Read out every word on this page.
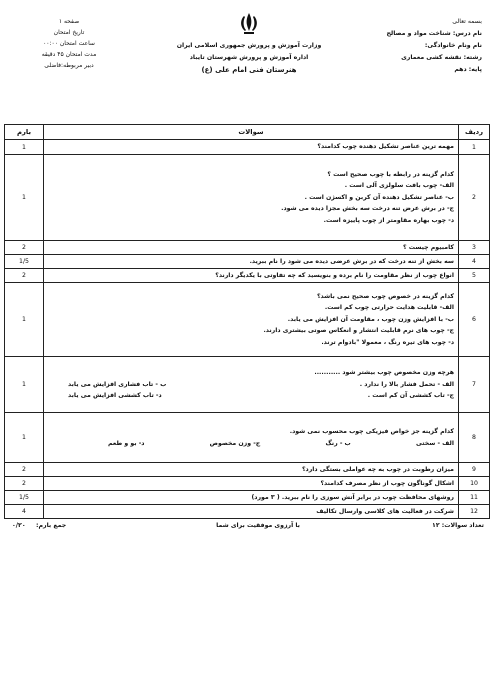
بسمه تعالی
نام درس: شناخت مواد و مصالح
نام ونام خانوادگی:
رشته: نقشه کشی معماری
پایه: دهم
وزارت آموزش و پرورش جمهوری اسلامی ایران
اداره آموزش و پرورش شهرستان تایباد
هنرستان فنی امام علی (ع)
صفحه ۱
تاریخ امتحان
ساعت امتحان ۰۰:۰۰
مدت امتحان ۴۵ دقیقه
دبیر مربوطه:فاضلی
ردیف	سوالات	بارم
1	مهمه ترین عناصر تشکیل دهنده چوب کدامند؟	1
2	کدام گزینه در رابطه با چوب صحیح است ؟
الف- چوب بافت سلولزی آلی است .
ب- عناصر تشکیل دهنده آن کربن و اکسژن است .
ج- در برش عرض تنه درخت سه بخش مجزا دیده می شود.
د- چوب بهاره مقاومتر از چوب پاییزه است.	1
3	کامبیوم چیست ؟	2
4	سه بخش از تنه درخت که در برش عرضی دیده می شود را نام ببرید.	1/5
5	انواع چوب از نظر مقاومت را نام برده و بنویسید که چه تفاوتی با یکدیگر دارند؟	2
6	کدام گزینه در خصوص چوب صحیح نمی باشد؟
الف- قابلیت هدایت حرارتی چوب کم است.
ب- با افزایش وزن چوب ، مقاومت آن افزایش می یابد.
ج- چوب های نرم قابلیت انتشار و انعکاس صوتی بیشتری دارند.
د- چوب های تیره رنگ ، معمولا "بادوام ترند.	1
7	هرچه وزن مخصوص چوب بیشتر شود ...........
الف - تحمل فشار بالا را ندارد .
ب - تاب فشاری افزایش می یابد
ج- تاب کششی آن کم است .
د- تاب کششی افزایش می یابد	1
8	کدام گزینه جز خواص فیزیکی چوب محسوب نمی شود.
الف - سختی
ب - رنگ
ج- وزن مخصوص
د- بو و طعم	1
9	میزان رطوبت در چوب به چه عواملی بستگی دارد؟	2
10	اشکال گوناگون چوب از نظر مصرف کدامند؟	2
11	روشهای محافظت چوب در برابر آتش سوزی را نام ببرید. ( ۳ مورد)	1/5
12	شرکت در فعالیت های کلاسی وارسال تکالیف	4
تعداد سوالات: ۱۲
با آرزوی موفقیت برای شما
جمع بارم:
۰/۲۰
